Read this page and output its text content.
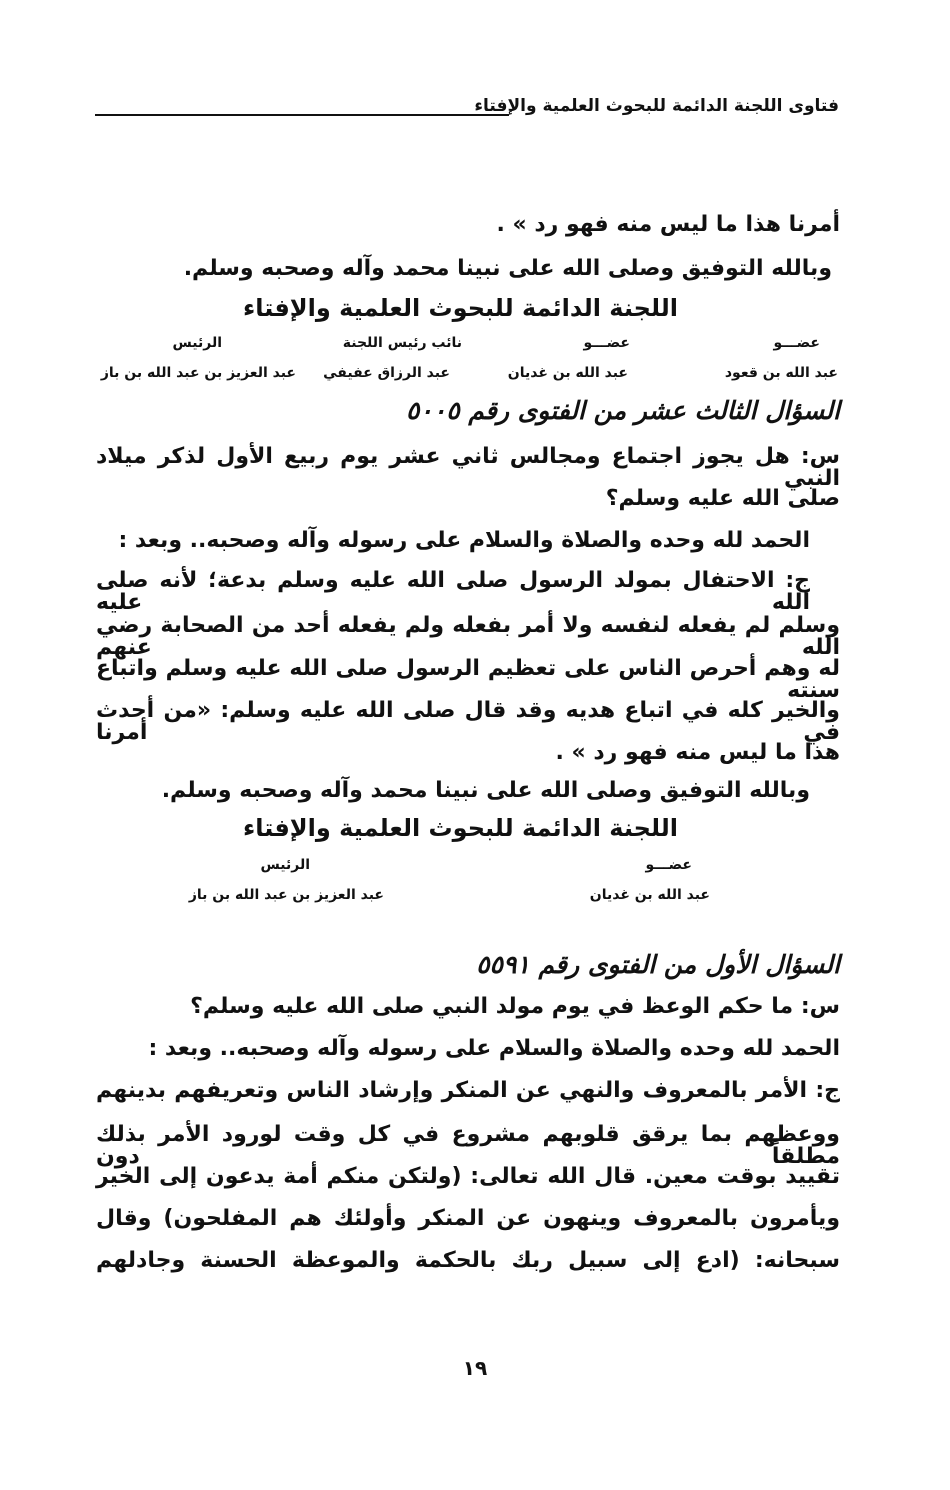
فتاوى اللجنة الدائمة للبحوث العلمية والإفتاء
أمرنا هذا ما ليس منه فهو رد » .
وبالله التوفيق وصلى الله على نبينا محمد وآله وصحبه وسلم.
اللجنة الدائمة للبحوث العلمية والإفتاء
عضـــو
عبد الله بن قعود
عضـــو
عبد الله بن غديان
نائب رئيس اللجنة
عبد الرزاق عفيفي
الرئيس
عبد العزيز بن عبد الله بن باز
السؤال الثالث عشر من الفتوى رقم ٥٠٠٥
س: هل يجوز اجتماع ومجالس ثاني عشر يوم ربيع الأول لذكر ميلاد النبي
صلى الله عليه وسلم؟
الحمد لله وحده والصلاة والسلام على رسوله وآله وصحبه.. وبعد :
ج: الاحتفال بمولد الرسول صلى الله عليه وسلم بدعة؛ لأنه صلى الله عليه
وسلم لم يفعله لنفسه ولا أمر بفعله ولم يفعله أحد من الصحابة رضي الله عنهم
له وهم أحرص الناس على تعظيم الرسول صلى الله عليه وسلم واتباع سنته
والخير كله في اتباع هديه وقد قال صلى الله عليه وسلم: «من أحدث في أمرنا
هذا ما ليس منه فهو رد » .
وبالله التوفيق وصلى الله على نبينا محمد وآله وصحبه وسلم.
اللجنة الدائمة للبحوث العلمية والإفتاء
عضـــو
عبد الله بن غديان
الرئيس
عبد العزيز بن عبد الله بن باز
السؤال الأول من الفتوى رقم ٥٥٩١
س: ما حكم الوعظ في يوم مولد النبي صلى الله عليه وسلم؟
الحمد لله وحده والصلاة والسلام على رسوله وآله وصحبه.. وبعد :
ج: الأمر بالمعروف والنهي عن المنكر وإرشاد الناس وتعريفهم بدينهم
ووعظهم بما يرقق قلوبهم مشروع في كل وقت لورود الأمر بذلك مطلقاً دون
تقييد بوقت معين. قال الله تعالى: (ولتكن منكم أمة يدعون إلى الخير
ويأمرون بالمعروف وينهون عن المنكر وأولئك هم المفلحون) وقال
سبحانه: (ادع إلى سبيل ربك بالحكمة والموعظة الحسنة وجادلهم
١٩
